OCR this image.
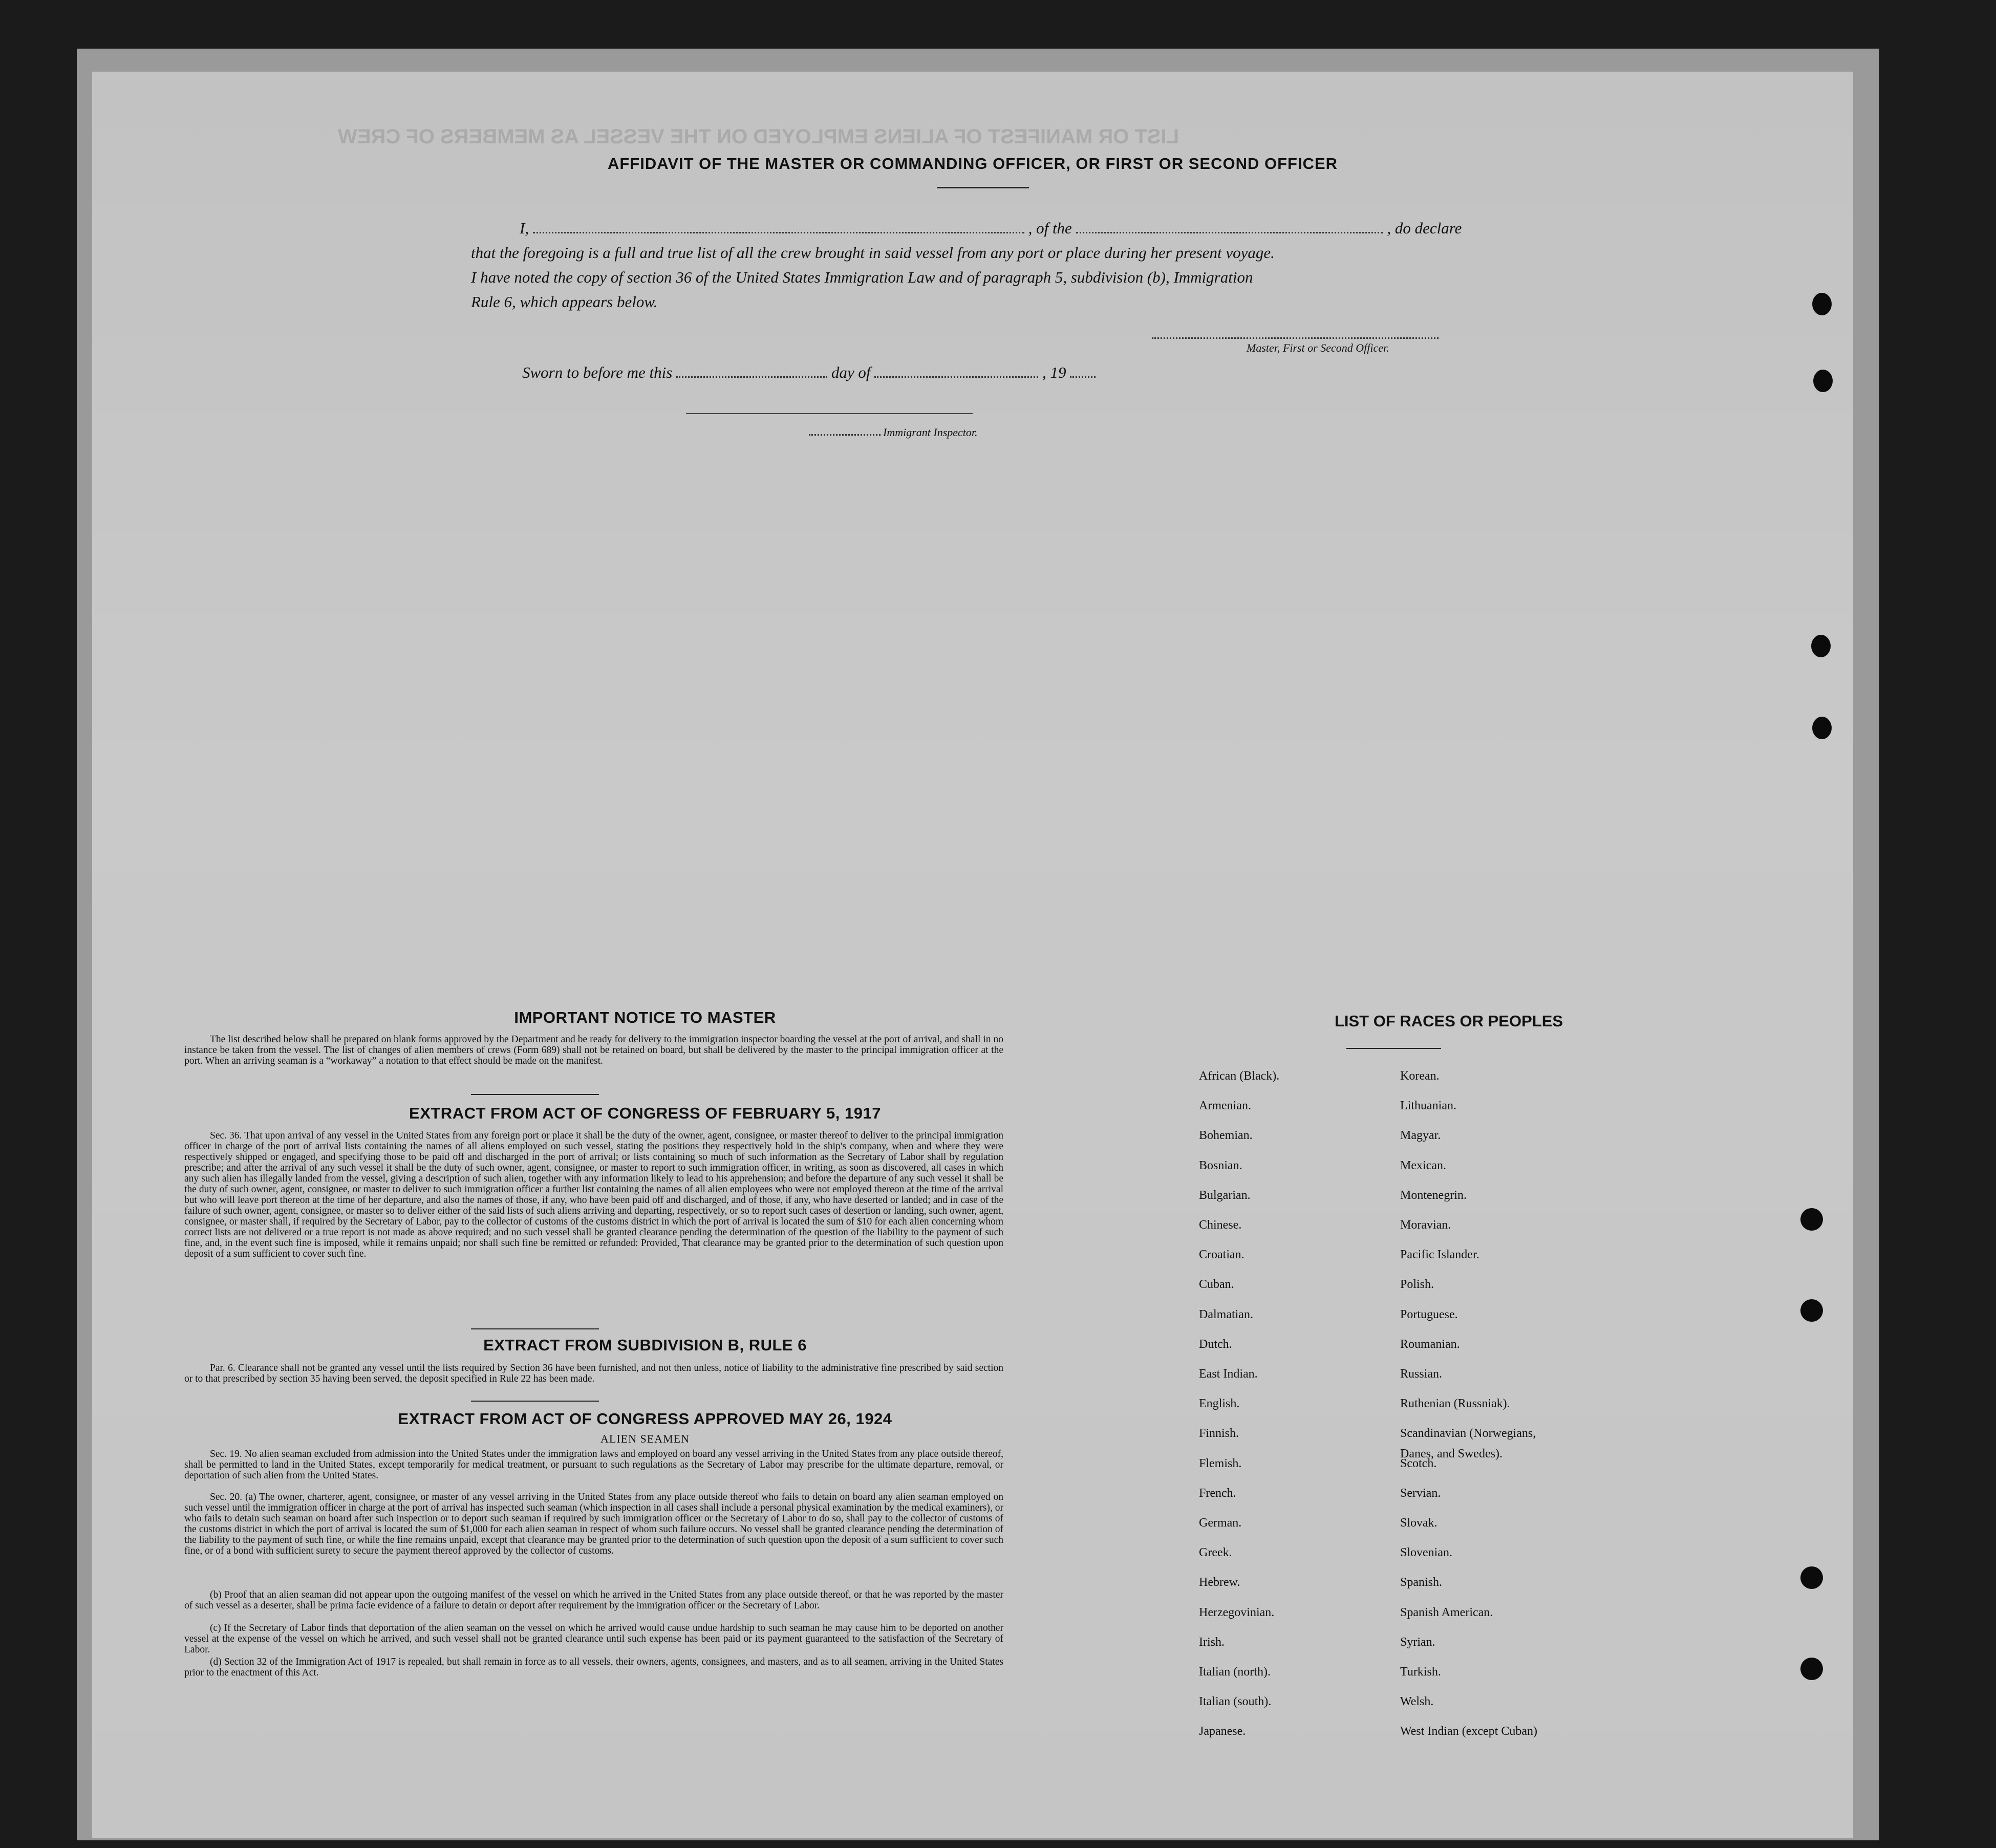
LIST OR MANIFEST OF ALIENS EMPLOYED ON THE VESSEL AS MEMBERS OF CREW
AFFIDAVIT OF THE MASTER OR COMMANDING OFFICER, OR FIRST OR SECOND OFFICER
I,	, of the	, do declare
that the foregoing is a full and true list of all the crew brought in said vessel from any port or place during her present voyage.
I have noted the copy of section 36 of the United States Immigration Law and of paragraph 5, subdivision (b), Immigration
Rule 6, which appears below.
Master, First or Second Officer.
Sworn to before me this	day of	, 19
Immigrant Inspector.
IMPORTANT NOTICE TO MASTER

The list described below shall be prepared on blank forms approved by the Department and be ready for delivery to the immigration inspector boarding the vessel at the port of arrival, and shall in no instance be taken from the vessel. The list of changes of alien members of crews (Form 689) shall not be retained on board, but shall be delivered by the master to the principal immigration officer at the port. When an arriving seaman is a “workaway” a notation to that effect should be made on the manifest.

EXTRACT FROM ACT OF CONGRESS OF FEBRUARY 5, 1917

Sec. 36. That upon arrival of any vessel in the United States from any foreign port or place it shall be the duty of the owner, agent, consignee, or master thereof to deliver to the principal immigration officer in charge of the port of arrival lists containing the names of all aliens employed on such vessel, stating the positions they respectively hold in the ship's company, when and where they were respectively shipped or engaged, and specifying those to be paid off and discharged in the port of arrival; or lists containing so much of such information as the Secretary of Labor shall by regulation prescribe; and after the arrival of any such vessel it shall be the duty of such owner, agent, consignee, or master to report to such immigration officer, in writing, as soon as discovered, all cases in which any such alien has illegally landed from the vessel, giving a description of such alien, together with any information likely to lead to his apprehension; and before the departure of any such vessel it shall be the duty of such owner, agent, consignee, or master to deliver to such immigration officer a further list containing the names of all alien employees who were not employed thereon at the time of the arrival but who will leave port thereon at the time of her departure, and also the names of those, if any, who have been paid off and discharged, and of those, if any, who have deserted or landed; and in case of the failure of such owner, agent, consignee, or master so to deliver either of the said lists of such aliens arriving and departing, respectively, or so to report such cases of desertion or landing, such owner, agent, consignee, or master shall, if required by the Secretary of Labor, pay to the collector of customs of the customs district in which the port of arrival is located the sum of $10 for each alien concerning whom correct lists are not delivered or a true report is not made as above required; and no such vessel shall be granted clearance pending the determination of the question of the liability to the payment of such fine, and, in the event such fine is imposed, while it remains unpaid; nor shall such fine be remitted or refunded: Provided, That clearance may be granted prior to the determination of such question upon deposit of a sum sufficient to cover such fine.

EXTRACT FROM SUBDIVISION B, RULE 6

Par. 6. Clearance shall not be granted any vessel until the lists required by Section 36 have been furnished, and not then unless, notice of liability to the administrative fine prescribed by said section or to that prescribed by section 35 having been served, the deposit specified in Rule 22 has been made.

EXTRACT FROM ACT OF CONGRESS APPROVED MAY 26, 1924
ALIEN SEAMEN

Sec. 19. No alien seaman excluded from admission into the United States under the immigration laws and employed on board any vessel arriving in the United States from any place outside thereof, shall be permitted to land in the United States, except temporarily for medical treatment, or pursuant to such regulations as the Secretary of Labor may prescribe for the ultimate departure, removal, or deportation of such alien from the United States.

Sec. 20. (a) The owner, charterer, agent, consignee, or master of any vessel arriving in the United States from any place outside thereof who fails to detain on board any alien seaman employed on such vessel until the immigration officer in charge at the port of arrival has inspected such seaman (which inspection in all cases shall include a personal physical examination by the medical examiners), or who fails to detain such seaman on board after such inspection or to deport such seaman if required by such immigration officer or the Secretary of Labor to do so, shall pay to the collector of customs of the customs district in which the port of arrival is located the sum of $1,000 for each alien seaman in respect of whom such failure occurs. No vessel shall be granted clearance pending the determination of the liability to the payment of such fine, or while the fine remains unpaid, except that clearance may be granted prior to the determination of such question upon the deposit of a sum sufficient to cover such fine, or of a bond with sufficient surety to secure the payment thereof approved by the collector of customs.

(b) Proof that an alien seaman did not appear upon the outgoing manifest of the vessel on which he arrived in the United States from any place outside thereof, or that he was reported by the master of such vessel as a deserter, shall be prima facie evidence of a failure to detain or deport after requirement by the immigration officer or the Secretary of Labor.

(c) If the Secretary of Labor finds that deportation of the alien seaman on the vessel on which he arrived would cause undue hardship to such seaman he may cause him to be deported on another vessel at the expense of the vessel on which he arrived, and such vessel shall not be granted clearance until such expense has been paid or its payment guaranteed to the satisfaction of the Secretary of Labor.

(d) Section 32 of the Immigration Act of 1917 is repealed, but shall remain in force as to all vessels, their owners, agents, consignees, and masters, and as to all seamen, arriving in the United States prior to the enactment of this Act.

LIST OF RACES OR PEOPLES
Danes, and Swedes).
African (Black).
Armenian.
Bohemian.
Bosnian.
Bulgarian.
Chinese.
Croatian.
Cuban.
Dalmatian.
Dutch.
East Indian.
English.
Finnish.
Flemish.
French.
German.
Greek.
Hebrew.
Herzegovinian.
Irish.
Italian (north).
Italian (south).
Japanese.
Korean.
Lithuanian.
Magyar.
Mexican.
Montenegrin.
Moravian.
Pacific Islander.
Polish.
Portuguese.
Roumanian.
Russian.
Ruthenian (Russniak).
Scandinavian (Norwegians,
Scotch.
Servian.
Slovak.
Slovenian.
Spanish.
Spanish American.
Syrian.
Turkish.
Welsh.
West Indian (except Cuban)
